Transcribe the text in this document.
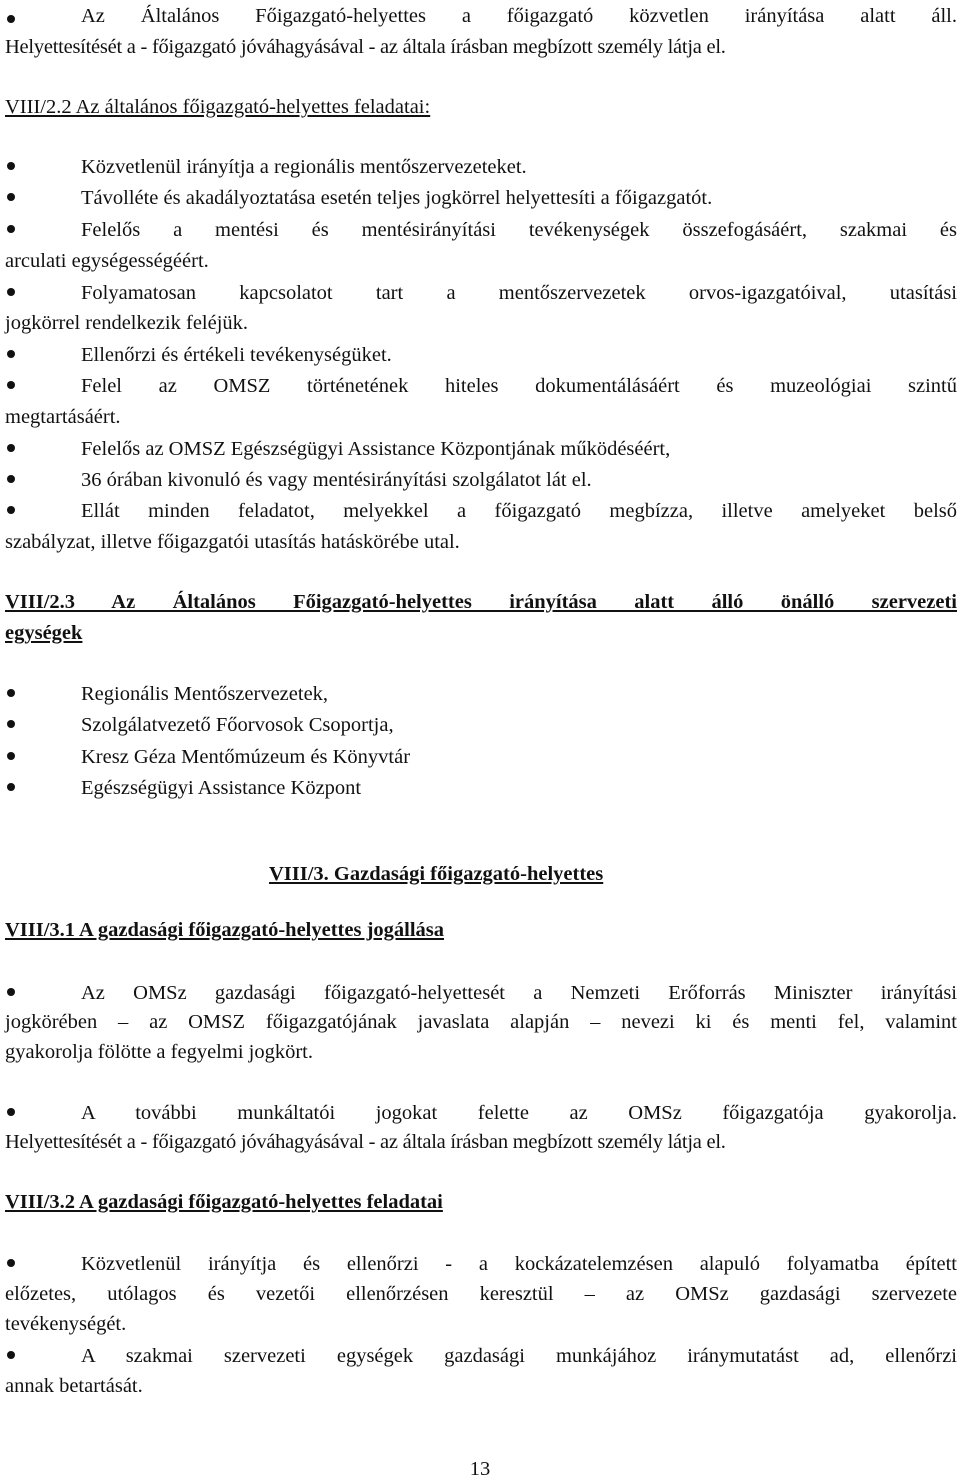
Az Általános Főigazgató-helyettes a főigazgató közvetlen irányítása alatt áll.
Helyettesítését a - főigazgató jóváhagyásával - az általa írásban megbízott személy látja el.
VIII/2.2 Az általános főigazgató-helyettes feladatai:
Közvetlenül irányítja a regionális mentőszervezeteket.
Távolléte és akadályoztatása esetén teljes jogkörrel helyettesíti a főigazgatót.
Felelős a mentési és mentésirányítási tevékenységek összefogásáért, szakmai és
arculati egységességéért.
Folyamatosan kapcsolatot tart a mentőszervezetek orvos-igazgatóival, utasítási
jogkörrel rendelkezik feléjük.
Ellenőrzi és értékeli tevékenységüket.
Felel az OMSZ történetének hiteles dokumentálásáért és muzeológiai szintű
megtartásáért.
Felelős az OMSZ Egészségügyi Assistance Központjának működéséért,
36 órában kivonuló és vagy mentésirányítási szolgálatot lát el.
Ellát minden feladatot, melyekkel a főigazgató megbízza, illetve amelyeket belső
szabályzat, illetve főigazgatói utasítás hatáskörébe utal.
VIII/2.3 Az Általános Főigazgató-helyettes irányítása alatt álló önálló szervezeti
egységek
Regionális Mentőszervezetek,
Szolgálatvezető Főorvosok Csoportja,
Kresz Géza Mentőmúzeum és Könyvtár
Egészségügyi Assistance Központ
VIII/3. Gazdasági főigazgató-helyettes
VIII/3.1 A gazdasági főigazgató-helyettes jogállása
Az OMSz gazdasági főigazgató-helyettesét a Nemzeti Erőforrás Miniszter irányítási
jogkörében – az OMSZ főigazgatójának javaslata alapján – nevezi ki és menti fel, valamint
gyakorolja fölötte a fegyelmi jogkört.
A további munkáltatói jogokat felette az OMSz főigazgatója gyakorolja.
Helyettesítését a - főigazgató jóváhagyásával - az általa írásban megbízott személy látja el.
VIII/3.2 A gazdasági főigazgató-helyettes feladatai
Közvetlenül irányítja és ellenőrzi - a kockázatelemzésen alapuló folyamatba épített
előzetes, utólagos és vezetői ellenőrzésen keresztül – az OMSz gazdasági szervezete
tevékenységét.
A szakmai szervezeti egységek gazdasági munkájához iránymutatást ad, ellenőrzi
annak betartását.
13
